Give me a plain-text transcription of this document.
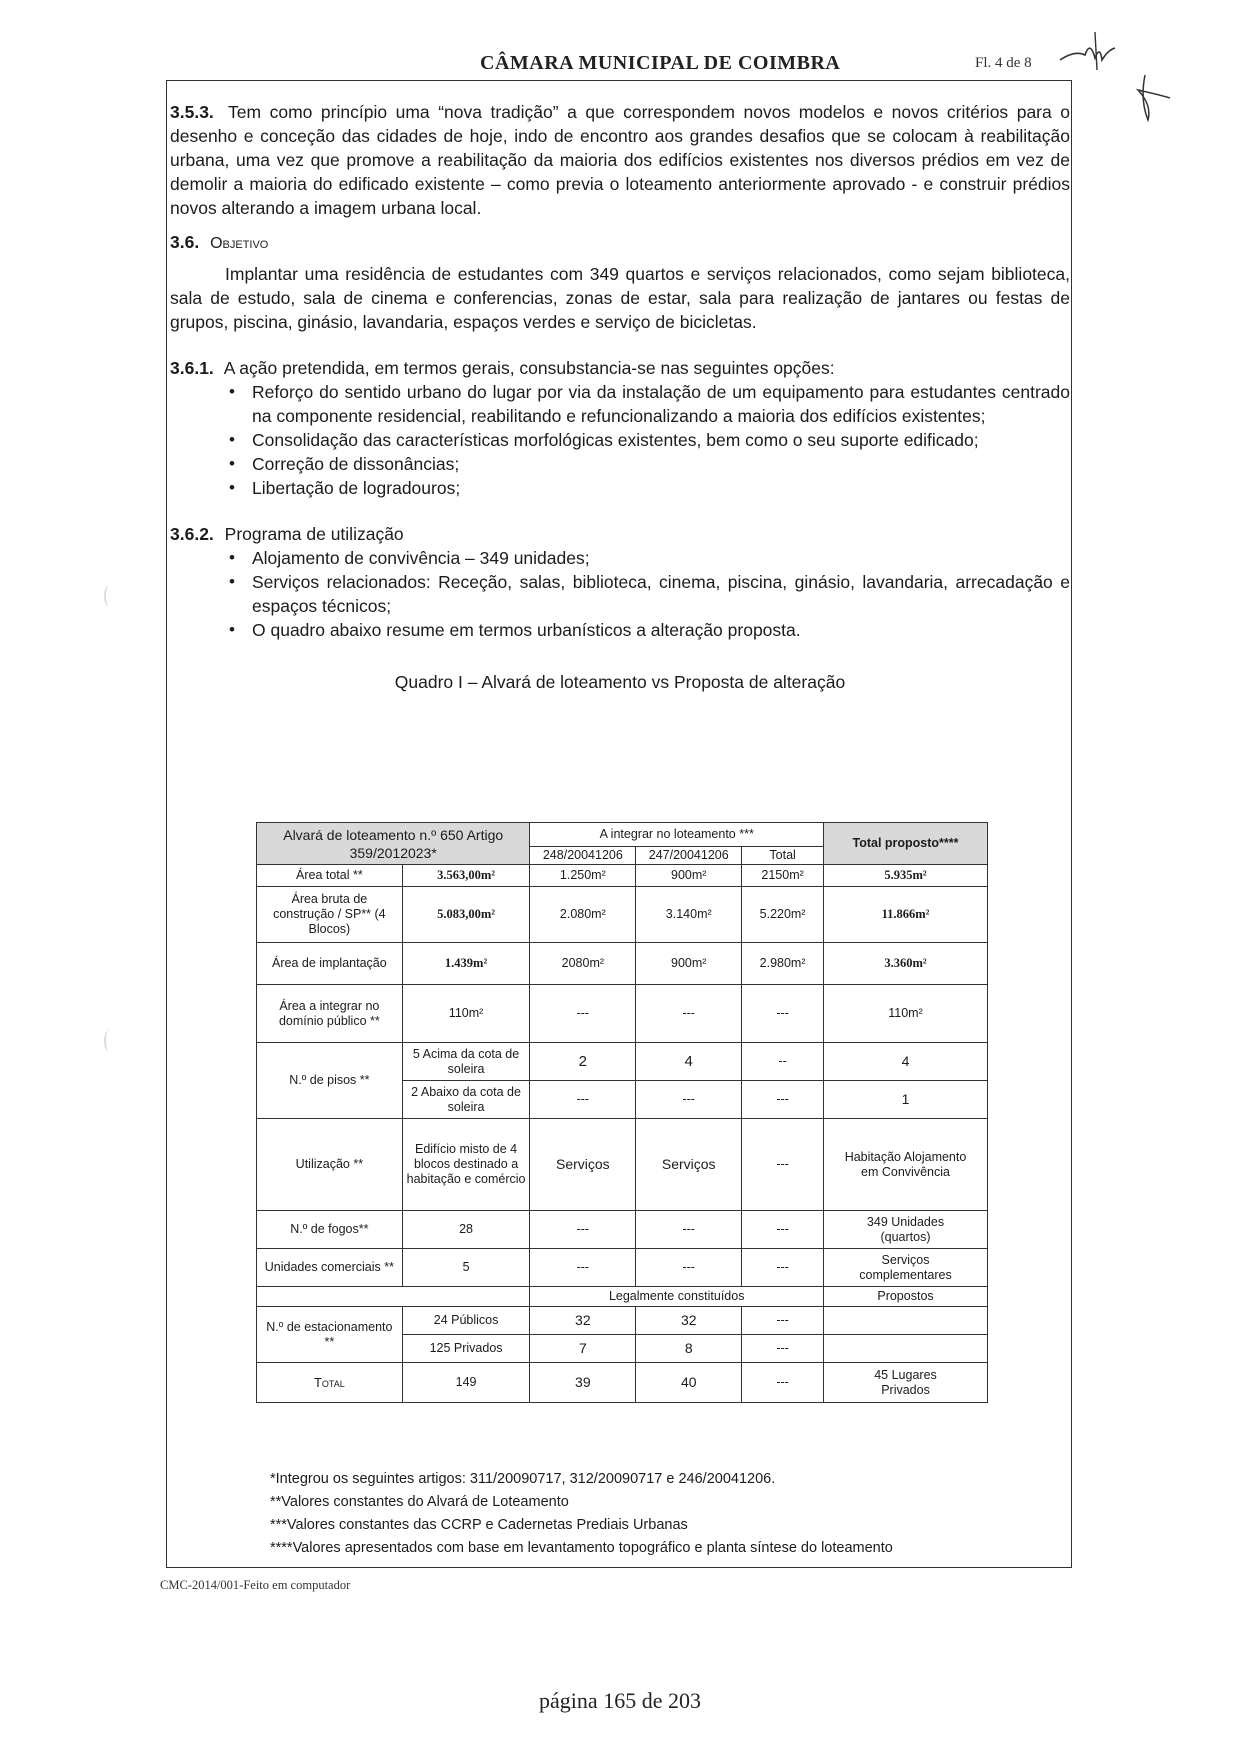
CÂMARA MUNICIPAL DE COIMBRA	Fl. 4 de 8

3.5.3. Tem como princípio uma “nova tradição” a que correspondem novos modelos e novos critérios para o desenho e conceção das cidades de hoje, indo de encontro aos grandes desafios que se colocam à reabilitação urbana, uma vez que promove a reabilitação da maioria dos edifícios existentes nos diversos prédios em vez de demolir a maioria do edificado existente – como previa o loteamento anteriormente aprovado - e construir prédios novos alterando a imagem urbana local.

3.6. Objetivo

Implantar uma residência de estudantes com 349 quartos e serviços relacionados, como sejam biblioteca, sala de estudo, sala de cinema e conferencias, zonas de estar, sala para realização de jantares ou festas de grupos, piscina, ginásio, lavandaria, espaços verdes e serviço de bicicletas.

3.6.1. A ação pretendida, em termos gerais, consubstancia-se nas seguintes opções:

• Reforço do sentido urbano do lugar por via da instalação de um equipamento para estudantes centrado na componente residencial, reabilitando e refuncionalizando a maioria dos edifícios existentes;
• Consolidação das características morfológicas existentes, bem como o seu suporte edificado;
• Correção de dissonâncias;
• Libertação de logradouros;

3.6.2. Programa de utilização

• Alojamento de convivência – 349 unidades;
• Serviços relacionados: Receção, salas, biblioteca, cinema, piscina, ginásio, lavandaria, arrecadação e espaços técnicos;
• O quadro abaixo resume em termos urbanísticos a alteração proposta.
Quadro I – Alvará de loteamento vs Proposta de alteração
Alvará de loteamento n.º 650 Artigo 359/2012023*		A integrar no loteamento ***			Total proposto****
		248/20041206	247/20041206	Total	
Área total **	3.563,00m²	1.250m²	900m²	2150m²	5.935m²
Área bruta de construção / SP** (4 Blocos)	5.083,00m²	2.080m²	3.140m²	5.220m²	11.866m²
Área de implantação	1.439m²	2080m²	900m²	2.980m²	3.360m²
Área a integrar no domínio público **	110m²	---	---	---	110m²
N.º de pisos **	5 Acima da cota de soleira	2	4	--	4
	2 Abaixo da cota de soleira	---	---	---	1
Utilização **	Edifício misto de 4 blocos destinado a habitação e comércio	Serviços	Serviços	---	Habitação Alojamento em Convivência
N.º de fogos**	28	---	---	---	349 Unidades (quartos)
Unidades comerciais **	5	---	---	---	Serviços complementares
		Legalmente constituídos			Propostos
N.º de estacionamento **	24 Públicos	32	32	---	
	125 Privados	7	8	---	
Total	149	39	40	---	45 Lugares Privados
*Integrou os seguintes artigos: 311/20090717, 312/20090717 e 246/20041206.
**Valores constantes do Alvará de Loteamento
***Valores constantes das CCRP e Cadernetas Prediais Urbanas
****Valores apresentados com base em levantamento topográfico e planta síntese do loteamento
CMC-2014/001-Feito em computador
página 165 de 203
